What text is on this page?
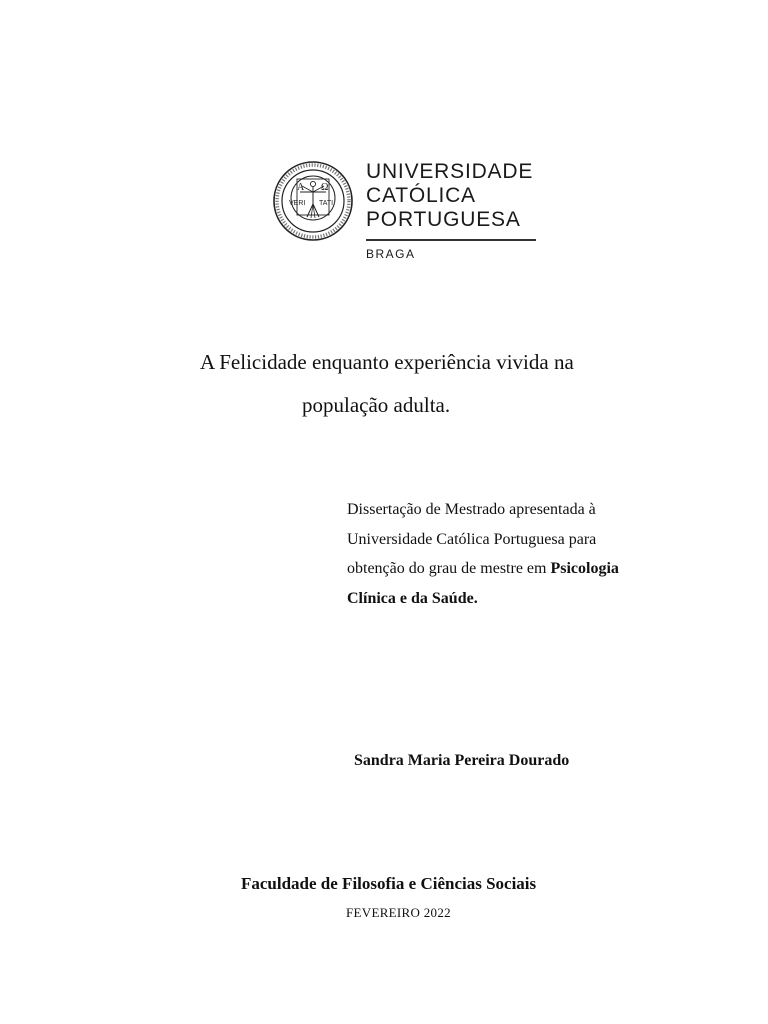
A Ω
VERI TATI
UNIVERSIDADE
CATÓLICA
PORTUGUESA
BRAGA
A Felicidade enquanto experiência vivida na
população adulta.
Dissertação de Mestrado apresentada à
Universidade Católica Portuguesa para
obtenção do grau de mestre em Psicologia
Clínica e da Saúde.
Sandra Maria Pereira Dourado
Faculdade de Filosofia e Ciências Sociais
FEVEREIRO 2022
